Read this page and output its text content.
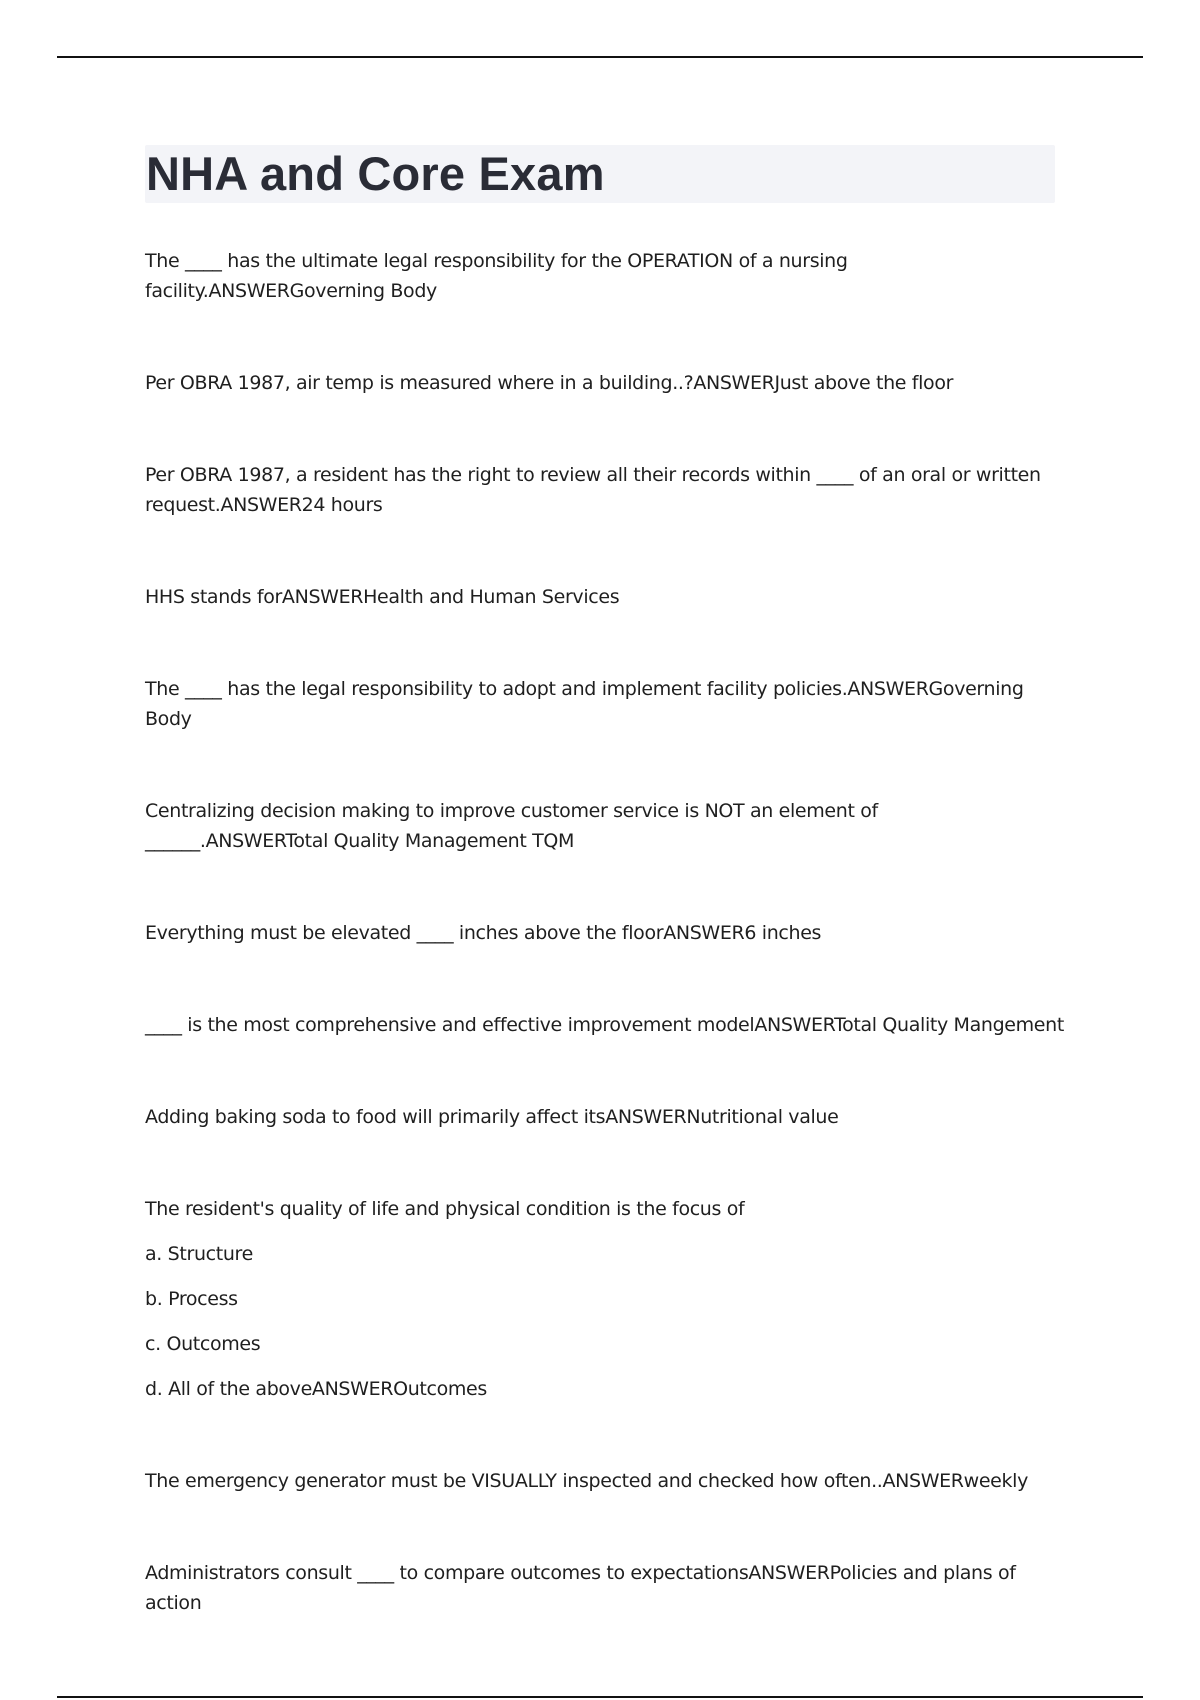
NHA and Core Exam

The ____ has the ultimate legal responsibility for the OPERATION of a nursing facility.ANSWERGoverning Body

Per OBRA 1987, air temp is measured where in a building..?ANSWERJust above the floor

Per OBRA 1987, a resident has the right to review all their records within ____ of an oral or written request.ANSWER24 hours

HHS stands forANSWERHealth and Human Services

The ____ has the legal responsibility to adopt and implement facility policies.ANSWERGoverning Body

Centralizing decision making to improve customer service is NOT an element of ______.ANSWERTotal Quality Management TQM

Everything must be elevated ____ inches above the floorANSWER6 inches

____ is the most comprehensive and effective improvement modelANSWERTotal Quality Mangement

Adding baking soda to food will primarily affect itsANSWERNutritional value

The resident's quality of life and physical condition is the focus of

a. Structure

b. Process

c. Outcomes

d. All of the aboveANSWEROutcomes

The emergency generator must be VISUALLY inspected and checked how often..ANSWERweekly

Administrators consult ____ to compare outcomes to expectationsANSWERPolicies and plans of action
